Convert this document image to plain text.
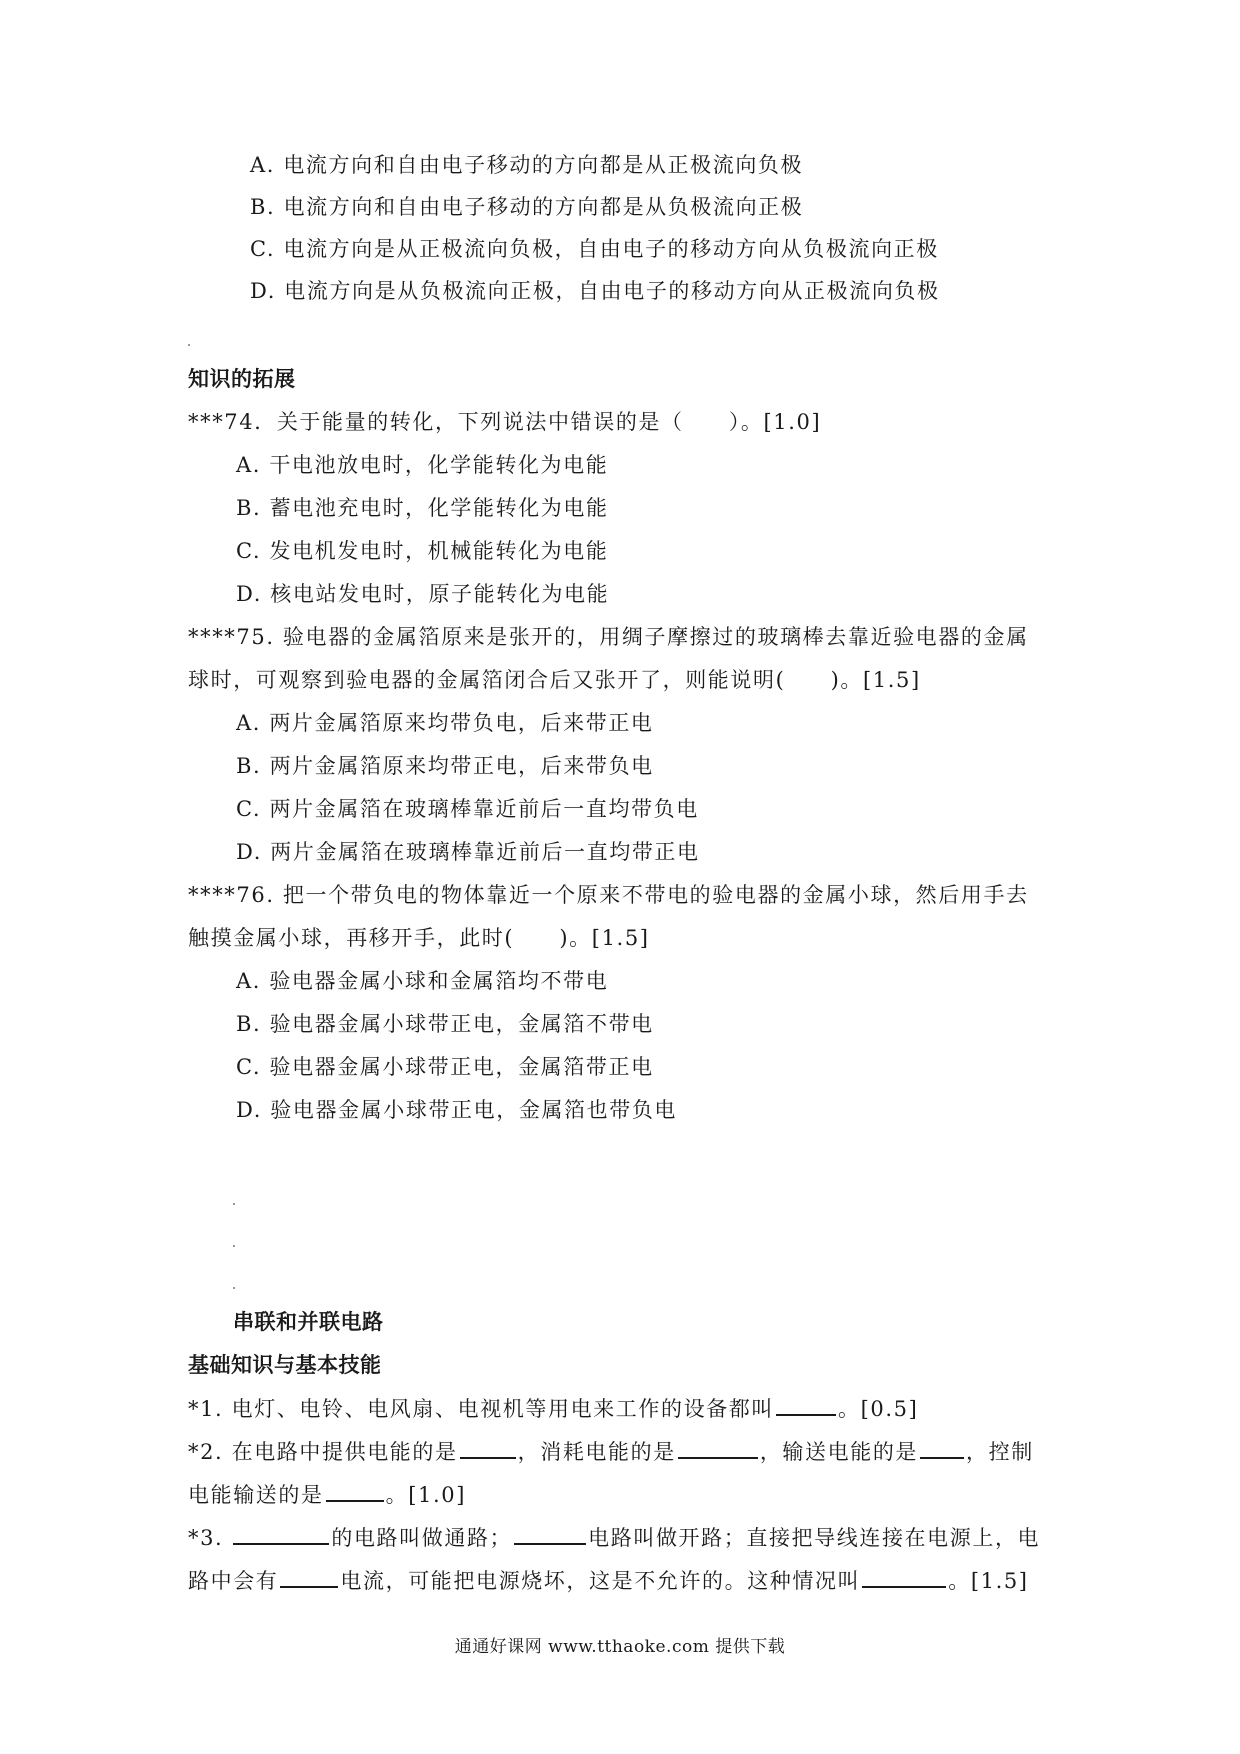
A. 电流方向和自由电子移动的方向都是从正极流向负极
B. 电流方向和自由电子移动的方向都是从负极流向正极
C. 电流方向是从正极流向负极，自由电子的移动方向从负极流向正极
D. 电流方向是从负极流向正极，自由电子的移动方向从正极流向负极
知识的拓展
***74．关于能量的转化，下列说法中错误的是（　　）。[1.0]
A. 干电池放电时，化学能转化为电能
B. 蓄电池充电时，化学能转化为电能
C. 发电机发电时，机械能转化为电能
D. 核电站发电时，原子能转化为电能
****75. 验电器的金属箔原来是张开的，用绸子摩擦过的玻璃棒去靠近验电器的金属
球时，可观察到验电器的金属箔闭合后又张开了，则能说明(　　)。[1.5]
A. 两片金属箔原来均带负电，后来带正电
B. 两片金属箔原来均带正电，后来带负电
C. 两片金属箔在玻璃棒靠近前后一直均带负电
D. 两片金属箔在玻璃棒靠近前后一直均带正电
****76. 把一个带负电的物体靠近一个原来不带电的验电器的金属小球，然后用手去
触摸金属小球，再移开手，此时(　　)。[1.5]
A. 验电器金属小球和金属箔均不带电
B. 验电器金属小球带正电，金属箔不带电
C. 验电器金属小球带正电，金属箔带正电
D. 验电器金属小球带正电，金属箔也带负电
串联和并联电路
基础知识与基本技能
*1. 电灯、电铃、电风扇、电视机等用电来工作的设备都叫	。[0.5]
*2. 在电路中提供电能的是	，消耗电能的是	，输送电能的是 ，控制
电能输送的是	。[1.0]
*3.	的电路叫做通路；	电路叫做开路；直接把导线连接在电源上，电
路中会有	电流，可能把电源烧坏，这是不允许的。这种情况叫	。[1.5]
通通好课网 www.tthaoke.com 提供下载
